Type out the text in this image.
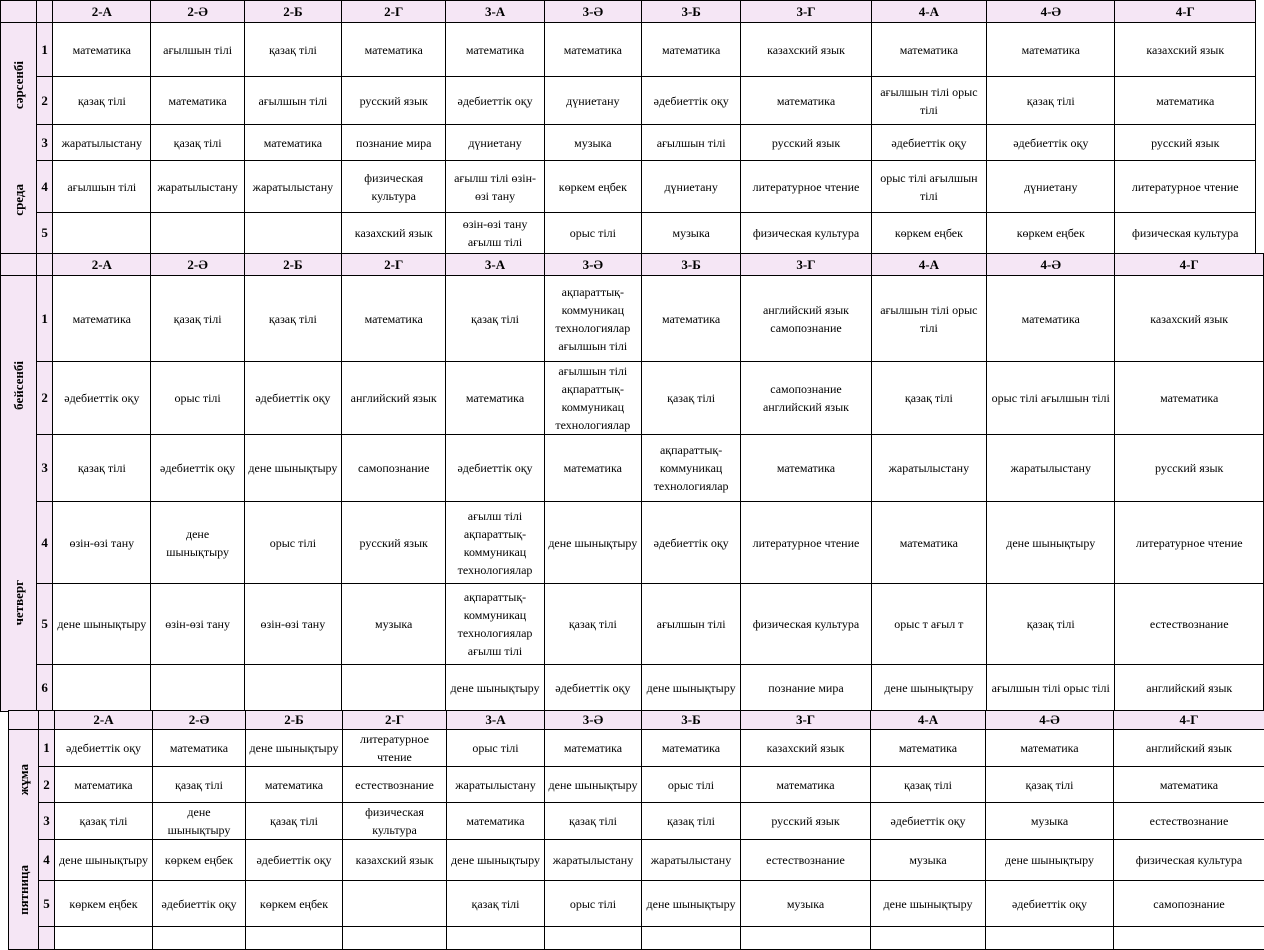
		2-А	2-Ә	2-Б	2-Г	3-А	3-Ә	3-Б	3-Г	4-А	4-Ә	4-Г

сәрсенбі
среда	1	математика	ағылшын тілі	қазақ тілі	математика	математика	математика	математика	казахский язык	математика	математика	казахский язык
	2	қазақ тілі	математика	ағылшын тілі	русский язык	әдебиеттік оқу	дүниетану	әдебиеттік оқу	математика	ағылшын тілі орыс тілі	қазақ тілі	математика
	3	жаратылыстану	қазақ тілі	математика	познание мира	дүниетану	музыка	ағылшын тілі	русский язык	әдебиеттік оқу	әдебиеттік оқу	русский язык
	4	ағылшын тілі	жаратылыстану	жаратылыстану	физическая культура	ағылш тілі өзін-өзі тану	көркем еңбек	дүниетану	литературное чтение	орыс тілі ағылшын тілі	дүниетану	литературное чтение
	5				казахский язык	өзін-өзі тану ағылш тілі	орыс тілі	музыка	физическая культура	көркем еңбек	көркем еңбек	физическая культура
		2-А	2-Ә	2-Б	2-Г	3-А	3-Ә	3-Б	3-Г	4-А	4-Ә	4-Г

бейсенбі
четверг	1	математика	қазақ тілі	қазақ тілі	математика	қазақ тілі	ақпараттық-коммуникац технологиялар ағылшын тілі	математика	английский язык самопознание	ағылшын тілі орыс тілі	математика	казахский язык
	2	әдебиеттік оқу	орыс тілі	әдебиеттік оқу	английский язык	математика	ағылшын тілі ақпараттық-коммуникац технологиялар	қазақ тілі	самопознание английский язык	қазақ тілі	орыс тілі ағылшын тілі	математика
	3	қазақ тілі	әдебиеттік оқу	дене шынықтыру	самопознание	әдебиеттік оқу	математика	ақпараттық-коммуникац технологиялар	математика	жаратылыстану	жаратылыстану	русский язык
	4	өзін-өзі тану	дене шынықтыру	орыс тілі	русский язык	ағылш тілі ақпараттық-коммуникац технологиялар	дене шынықтыру	әдебиеттік оқу	литературное чтение	математика	дене шынықтыру	литературное чтение
	5	дене шынықтыру	өзін-өзі тану	өзін-өзі тану	музыка	ақпараттық-коммуникац технологиялар ағылш тілі	қазақ тілі	ағылшын тілі	физическая культура	орыс т ағыл т	қазақ тілі	естествознание
	6					дене шынықтыру	әдебиеттік оқу	дене шынықтыру	познание мира	дене шынықтыру	ағылшын тілі орыс тілі	английский язык
		2-А	2-Ә	2-Б	2-Г	3-А	3-Ә	3-Б	3-Г	4-А	4-Ә	4-Г

жұма
пятница	1	әдебиеттік оқу	математика	дене шынықтыру	литературное чтение	орыс тілі	математика	математика	казахский язык	математика	математика	английский язык
	2	математика	қазақ тілі	математика	естествознание	жаратылыстану	дене шынықтыру	орыс тілі	математика	қазақ тілі	қазақ тілі	математика
	3	қазақ тілі	дене шынықтыру	қазақ тілі	физическая культура	математика	қазақ тілі	қазақ тілі	русский язык	әдебиеттік оқу	музыка	естествознание
	4	дене шынықтыру	көркем еңбек	әдебиеттік оқу	казахский язык	дене шынықтыру	жаратылыстану	жаратылыстану	естествознание	музыка	дене шынықтыру	физическая культура
	5	көркем еңбек	әдебиеттік оқу	көркем еңбек		қазақ тілі	орыс тілі	дене шынықтыру	музыка	дене шынықтыру	әдебиеттік оқу	самопознание
